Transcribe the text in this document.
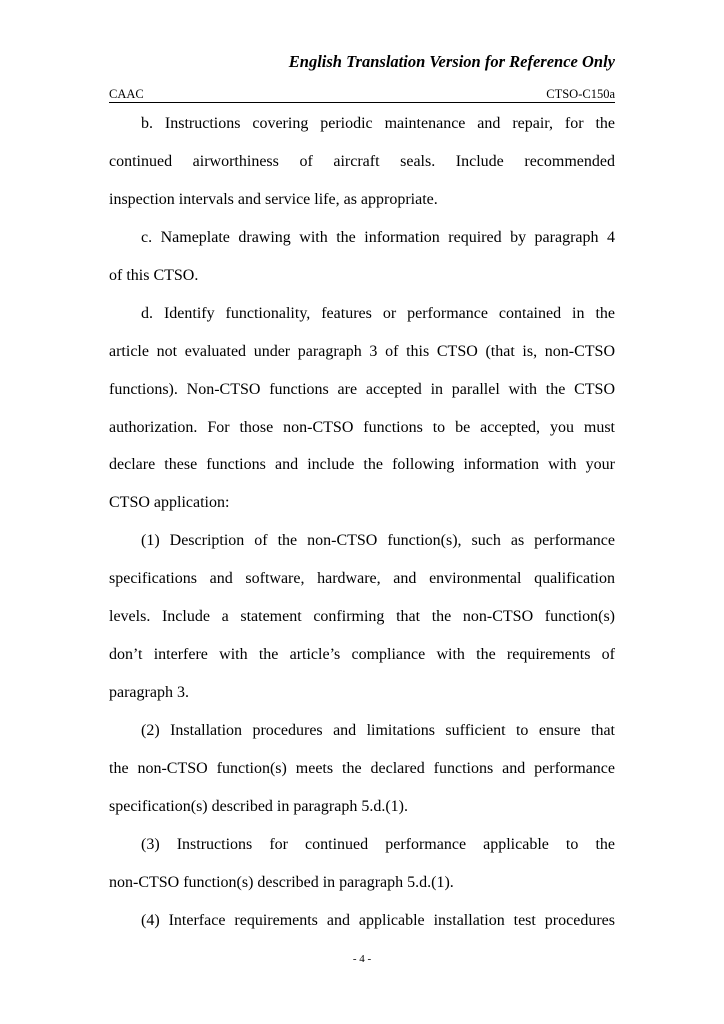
English Translation Version for Reference Only
CAAC	CTSO-C150a
b. Instructions covering periodic maintenance and repair, for the
continued airworthiness of aircraft seals. Include recommended
inspection intervals and service life, as appropriate.
c. Nameplate drawing with the information required by paragraph 4
of this CTSO.
d. Identify functionality, features or performance contained in the
article not evaluated under paragraph 3 of this CTSO (that is, non-CTSO
functions). Non-CTSO functions are accepted in parallel with the CTSO
authorization. For those non-CTSO functions to be accepted, you must
declare these functions and include the following information with your
CTSO application:
(1) Description of the non-CTSO function(s), such as performance
specifications and software, hardware, and environmental qualification
levels. Include a statement confirming that the non-CTSO function(s)
don’t interfere with the article’s compliance with the requirements of
paragraph 3.
(2) Installation procedures and limitations sufficient to ensure that
the non-CTSO function(s) meets the declared functions and performance
specification(s) described in paragraph 5.d.(1).
(3) Instructions for continued performance applicable to the
non-CTSO function(s) described in paragraph 5.d.(1).
(4) Interface requirements and applicable installation test procedures
- 4 -
